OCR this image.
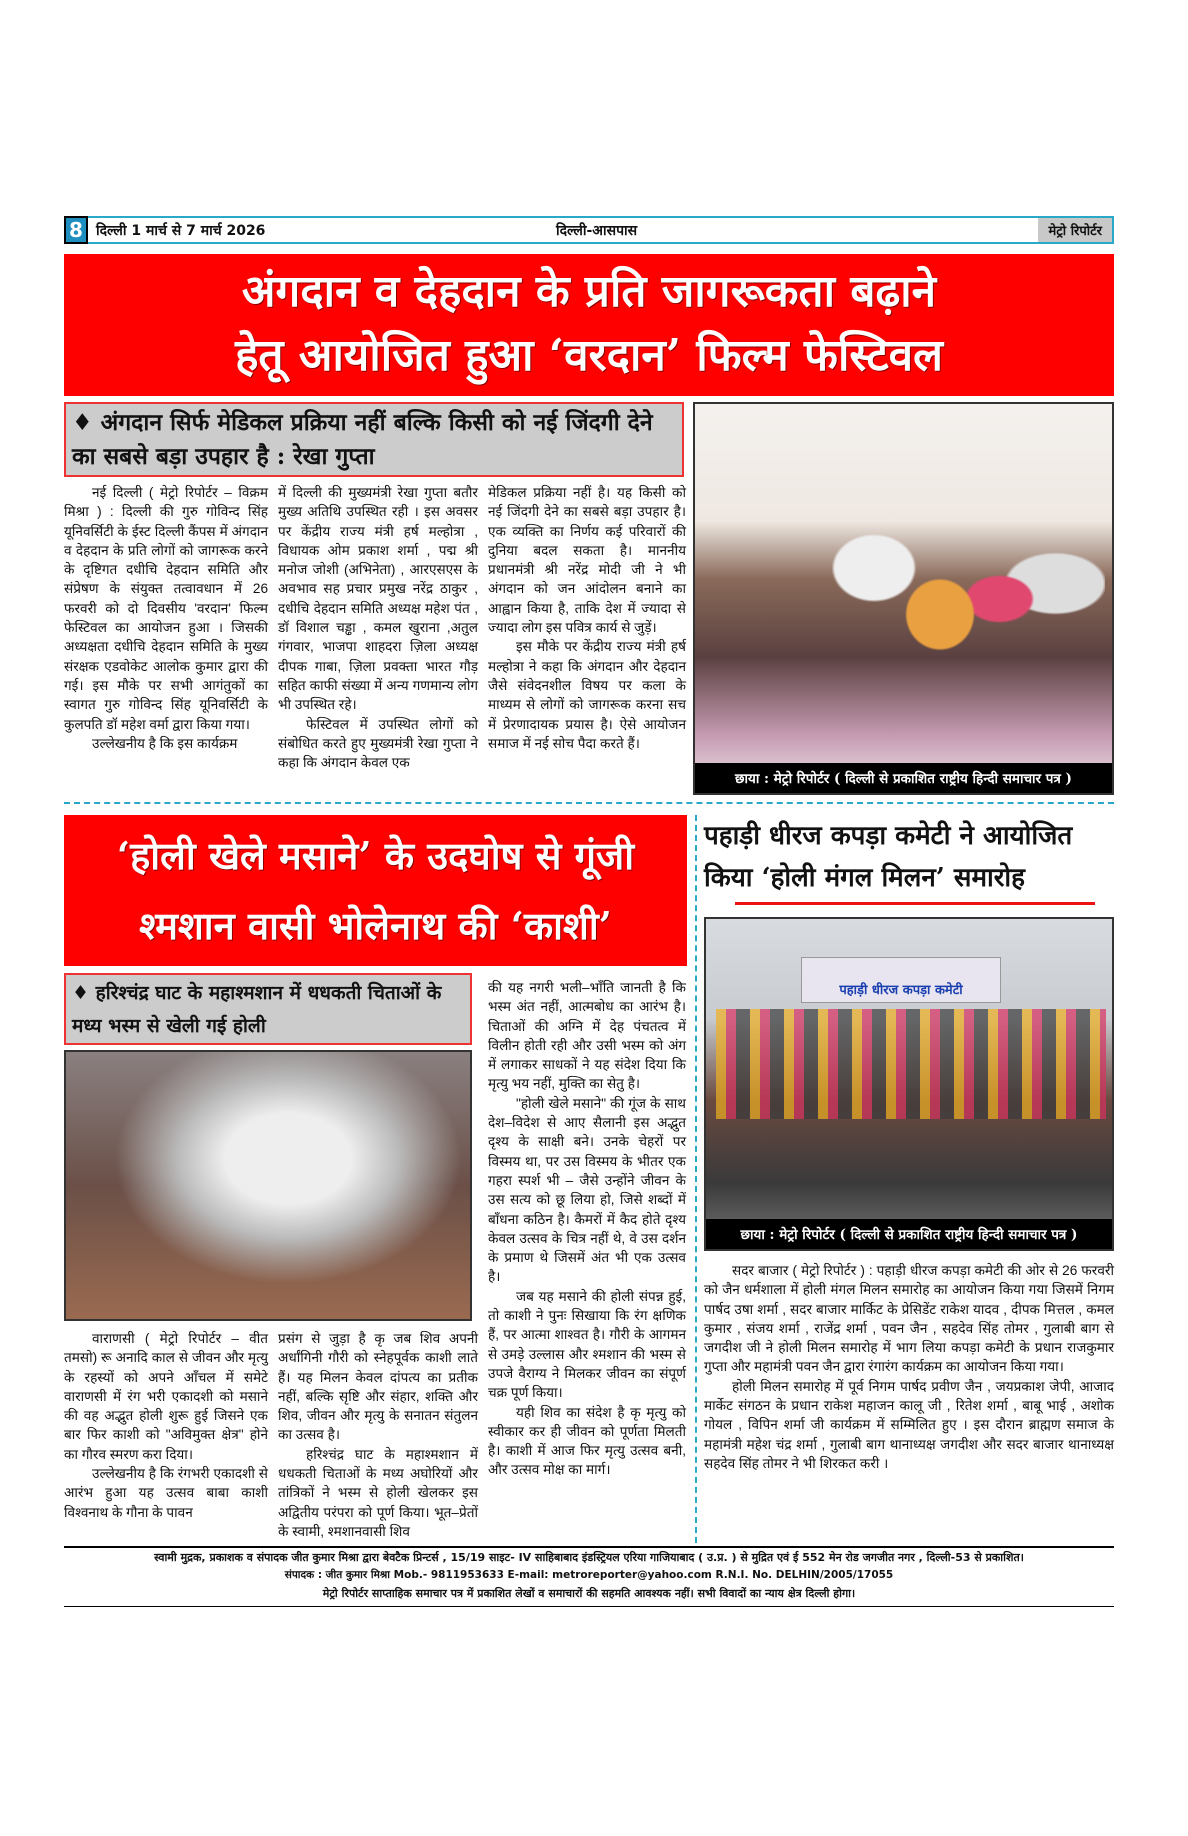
8 दिल्ली 1 मार्च से 7 मार्च 2026	दिल्ली-आसपास	मेट्रो रिपोर्टर
अंगदान व देहदान के प्रति जागरूकता बढ़ाने
हेतू आयोजित हुआ ‘वरदान’ फिल्म फेस्टिवल
♦ अंगदान सिर्फ मेडिकल प्रक्रिया नहीं बल्कि किसी को नई जिंदगी देने का सबसे बड़ा उपहार है : रेखा गुप्ता

नई दिल्ली ( मेट्रो रिपोर्टर – विक्रम मिश्रा ) : दिल्ली की गुरु गोविन्द सिंह यूनिवर्सिटी के ईस्ट दिल्ली कैंपस में अंगदान व देहदान के प्रति लोगों को जागरूक करने के दृष्टिगत दधीचि देहदान समिति और संप्रेषण के संयुक्त तत्वावधान में 26 फरवरी को दो दिवसीय 'वरदान' फिल्म फेस्टिवल का आयोजन हुआ । जिसकी अध्यक्षता दधीचि देहदान समिति के मुख्य संरक्षक एडवोकेट आलोक कुमार द्वारा की गई। इस मौके पर सभी आगंतुकों का स्वागत गुरु गोविन्द सिंह यूनिवर्सिटी के कुलपति डॉ महेश वर्मा द्वारा किया गया।

उल्लेखनीय है कि इस कार्यक्रम

में दिल्ली की मुख्यमंत्री रेखा गुप्ता बतौर मुख्य अतिथि उपस्थित रही । इस अवसर पर केंद्रीय राज्य मंत्री हर्ष मल्होत्रा , विधायक ओम प्रकाश शर्मा , पद्म श्री मनोज जोशी (अभिनेता) , आरएसएस के अवभाव सह प्रचार प्रमुख नरेंद्र ठाकुर , दधीचि देहदान समिति अध्यक्ष महेश पंत , डॉ विशाल चड्ढा , कमल खुराना ,अतुल गंगवार, भाजपा शाहदरा ज़िला अध्यक्ष दीपक गाबा, ज़िला प्रवक्ता भारत गौड़ सहित काफी संख्या में अन्य गणमान्य लोग भी उपस्थित रहे।

फेस्टिवल में उपस्थित लोगों को संबोधित करते हुए मुख्यमंत्री रेखा गुप्ता ने कहा कि अंगदान केवल एक

मेडिकल प्रक्रिया नहीं है। यह किसी को नई जिंदगी देने का सबसे बड़ा उपहार है। एक व्यक्ति का निर्णय कई परिवारों की दुनिया बदल सकता है। माननीय प्रधानमंत्री श्री नरेंद्र मोदी जी ने भी अंगदान को जन आंदोलन बनाने का आह्वान किया है, ताकि देश में ज्यादा से ज्यादा लोग इस पवित्र कार्य से जुड़ें।

इस मौके पर केंद्रीय राज्य मंत्री हर्ष मल्होत्रा ने कहा कि अंगदान और देहदान जैसे संवेदनशील विषय पर कला के माध्यम से लोगों को जागरूक करना सच में प्रेरणादायक प्रयास है। ऐसे आयोजन समाज में नई सोच पैदा करते हैं।

छाया : मेट्रो रिपोर्टर ( दिल्ली से प्रकाशित राष्ट्रीय हिन्दी समाचार पत्र )
‘होली खेले मसाने’ के उदघोष से गूंजी
श्मशान वासी भोलेनाथ की ‘काशी’
♦ हरिश्चंद्र घाट के महाश्मशान में धधकती चिताओं के मध्य भस्म से खेली गई होली

की यह नगरी भली–भाँति जानती है कि भस्म अंत नहीं, आत्मबोध का आरंभ है। चिताओं की अग्नि में देह पंचतत्व में विलीन होती रही और उसी भस्म को अंग में लगाकर साधकों ने यह संदेश दिया कि मृत्यु भय नहीं, मुक्ति का सेतु है।

"होली खेले मसाने" की गूंज के साथ देश–विदेश से आए सैलानी इस अद्भुत दृश्य के साक्षी बने। उनके चेहरों पर विस्मय था, पर उस विस्मय के भीतर एक गहरा स्पर्श भी – जैसे उन्होंने जीवन के उस सत्य को छू लिया हो, जिसे शब्दों में बाँधना कठिन है। कैमरों में कैद होते दृश्य केवल उत्सव के चित्र नहीं थे, वे उस दर्शन के प्रमाण थे जिसमें अंत भी एक उत्सव है।

जब यह मसाने की होली संपन्न हुई, तो काशी ने पुनः सिखाया कि रंग क्षणिक हैं, पर आत्मा शाश्वत है। गौरी के आगमन से उमड़े उल्लास और श्मशान की भस्म से उपजे वैराग्य ने मिलकर जीवन का संपूर्ण चक्र पूर्ण किया।

यही शिव का संदेश है कृ मृत्यु को स्वीकार कर ही जीवन को पूर्णता मिलती है। काशी में आज फिर मृत्यु उत्सव बनी, और उत्सव मोक्ष का मार्ग।

वाराणसी ( मेट्रो रिपोर्टर – वीत तमसो) रू अनादि काल से जीवन और मृत्यु के रहस्यों को अपने आँचल में समेटे वाराणसी में रंग भरी एकादशी को मसाने की वह अद्भुत होली शुरू हुई जिसने एक बार फिर काशी को "अविमुक्त क्षेत्र" होने का गौरव स्मरण करा दिया।

उल्लेखनीय है कि रंगभरी एकादशी से आरंभ हुआ यह उत्सव बाबा काशी विश्वनाथ के गौना के पावन

प्रसंग से जुड़ा है कृ जब शिव अपनी अर्धांगिनी गौरी को स्नेहपूर्वक काशी लाते हैं। यह मिलन केवल दांपत्य का प्रतीक नहीं, बल्कि सृष्टि और संहार, शक्ति और शिव, जीवन और मृत्यु के सनातन संतुलन का उत्सव है।

हरिश्चंद्र घाट के महाश्मशान में धधकती चिताओं के मध्य अघोरियों और तांत्रिकों ने भस्म से होली खेलकर इस अद्वितीय परंपरा को पूर्ण किया। भूत–प्रेतों के स्वामी, श्मशानवासी शिव

पहाड़ी धीरज कपड़ा कमेटी ने आयोजित किया ‘होली मंगल मिलन’ समारोह
पहाड़ी धीरज कपड़ा कमेटी
छाया : मेट्रो रिपोर्टर ( दिल्ली से प्रकाशित राष्ट्रीय हिन्दी समाचार पत्र )

सदर बाजार ( मेट्रो रिपोर्टर ) : पहाड़ी धीरज कपड़ा कमेटी की ओर से 26 फरवरी को जैन धर्मशाला में होली मंगल मिलन समारोह का आयोजन किया गया जिसमें निगम पार्षद उषा शर्मा , सदर बाजार मार्किट के प्रेसिडेंट राकेश यादव , दीपक मित्तल , कमल कुमार , संजय शर्मा , राजेंद्र शर्मा , पवन जैन , सहदेव सिंह तोमर , गुलाबी बाग से जगदीश जी ने होली मिलन समारोह में भाग लिया कपड़ा कमेटी के प्रधान राजकुमार गुप्ता और महामंत्री पवन जैन द्वारा रंगारंग कार्यक्रम का आयोजन किया गया।

होली मिलन समारोह में पूर्व निगम पार्षद प्रवीण जैन , जयप्रकाश जेपी, आजाद मार्केट संगठन के प्रधान राकेश महाजन कालू जी , रितेश शर्मा , बाबू भाई , अशोक गोयल , विपिन शर्मा जी कार्यक्रम में सम्मिलित हुए । इस दौरान ब्राह्मण समाज के महामंत्री महेश चंद्र शर्मा , गुलाबी बाग थानाध्यक्ष जगदीश और सदर बाजार थानाध्यक्ष सहदेव सिंह तोमर ने भी शिरकत करी ।

स्वामी मुद्रक, प्रकाशक व संपादक जीत कुमार मिश्रा द्वारा बेवटैक प्रिन्टर्स , 15/19 साइट- IV साहिबाबाद इंडस्ट्रियल एरिया गाजियाबाद ( उ.प्र. ) से मुद्रित एवं ई 552 मेन रोड जगजीत नगर , दिल्ली-53 से प्रकाशित।
संपादक : जीत कुमार मिश्रा Mob.- 9811953633 E-mail: metroreporter@yahoo.com R.N.I. No. DELHIN/2005/17055
मेट्रो रिपोर्टर साप्ताहिक समाचार पत्र में प्रकाशित लेखों व समाचारों की सहमति आवश्यक नहीं। सभी विवादों का न्याय क्षेत्र दिल्ली होगा।
